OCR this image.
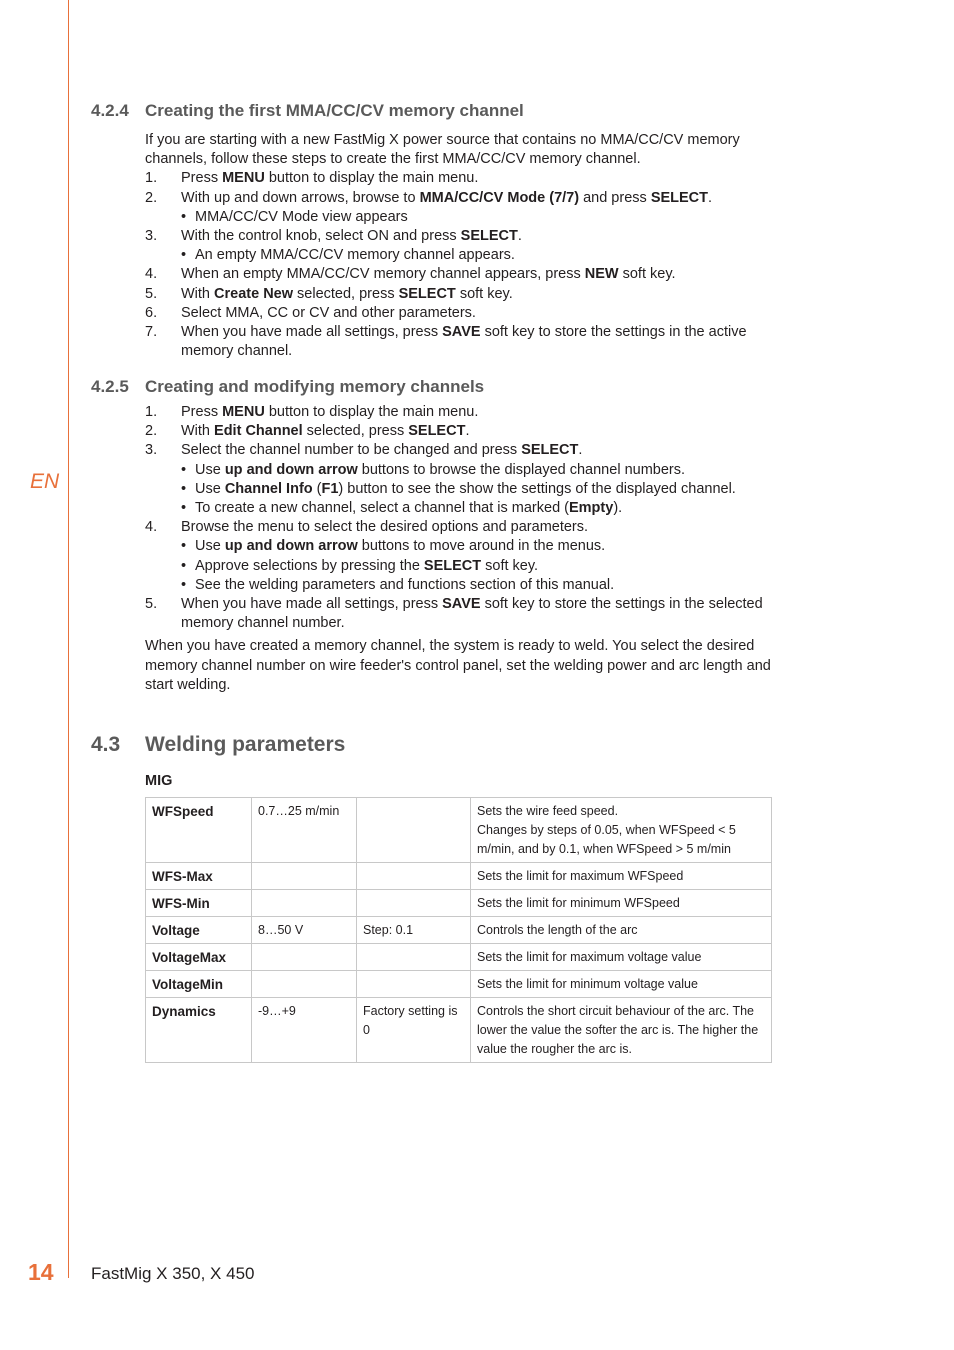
EN
4.2.4 Creating the first MMA/CC/CV memory channel

If you are starting with a new FastMig X power source that contains no MMA/CC/CV memory channels, follow these steps to create the first MMA/CC/CV memory channel.

1.	Press MENU button to display the main menu.
2.	With up and down arrows, browse to MMA/CC/CV Mode (7/7) and press SELECT.
• MMA/CC/CV Mode view appears
3.	With the control knob, select ON and press SELECT.
• An empty MMA/CC/CV memory channel appears.
4.	When an empty MMA/CC/CV memory channel appears, press NEW soft key.
5.	With Create New selected, press SELECT soft key.
6.	Select MMA, CC or CV and other parameters.
7.	When you have made all settings, press SAVE soft key to store the settings in the active memory channel.
4.2.5 Creating and modifying memory channels
1.	Press MENU button to display the main menu.
2.	With Edit Channel selected, press SELECT.
3.	Select the channel number to be changed and press SELECT.
• Use up and down arrow buttons to browse the displayed channel numbers.
• Use Channel Info (F1) button to see the show the settings of the displayed channel.
• To create a new channel, select a channel that is marked (Empty).
4.	Browse the menu to select the desired options and parameters.
• Use up and down arrow buttons to move around in the menus.
• Approve selections by pressing the SELECT soft key.
• See the welding parameters and functions section of this manual.
5.	When you have made all settings, press SAVE soft key to store the settings in the selected memory channel number.

When you have created a memory channel, the system is ready to weld. You select the desired memory channel number on wire feeder's control panel, set the welding power and arc length and start welding.

4.3 Welding parameters
MIG
WFSpeed	0.7…25 m/min		Sets the wire feed speed.
Changes by steps of 0.05, when WFSpeed < 5 m/min, and by 0.1, when WFSpeed > 5 m/min

WFS-Max			Sets the limit for maximum WFSpeed

WFS-Min			Sets the limit for minimum WFSpeed

Voltage	8…50 V	Step: 0.1	Controls the length of the arc

VoltageMax			Sets the limit for maximum voltage value

VoltageMin			Sets the limit for minimum voltage value

Dynamics	-9…+9	Factory setting is 0	Controls the short circuit behaviour of the arc. The lower the value the softer the arc is. The higher the value the rougher the arc is.
14 FastMig X 350, X 450
